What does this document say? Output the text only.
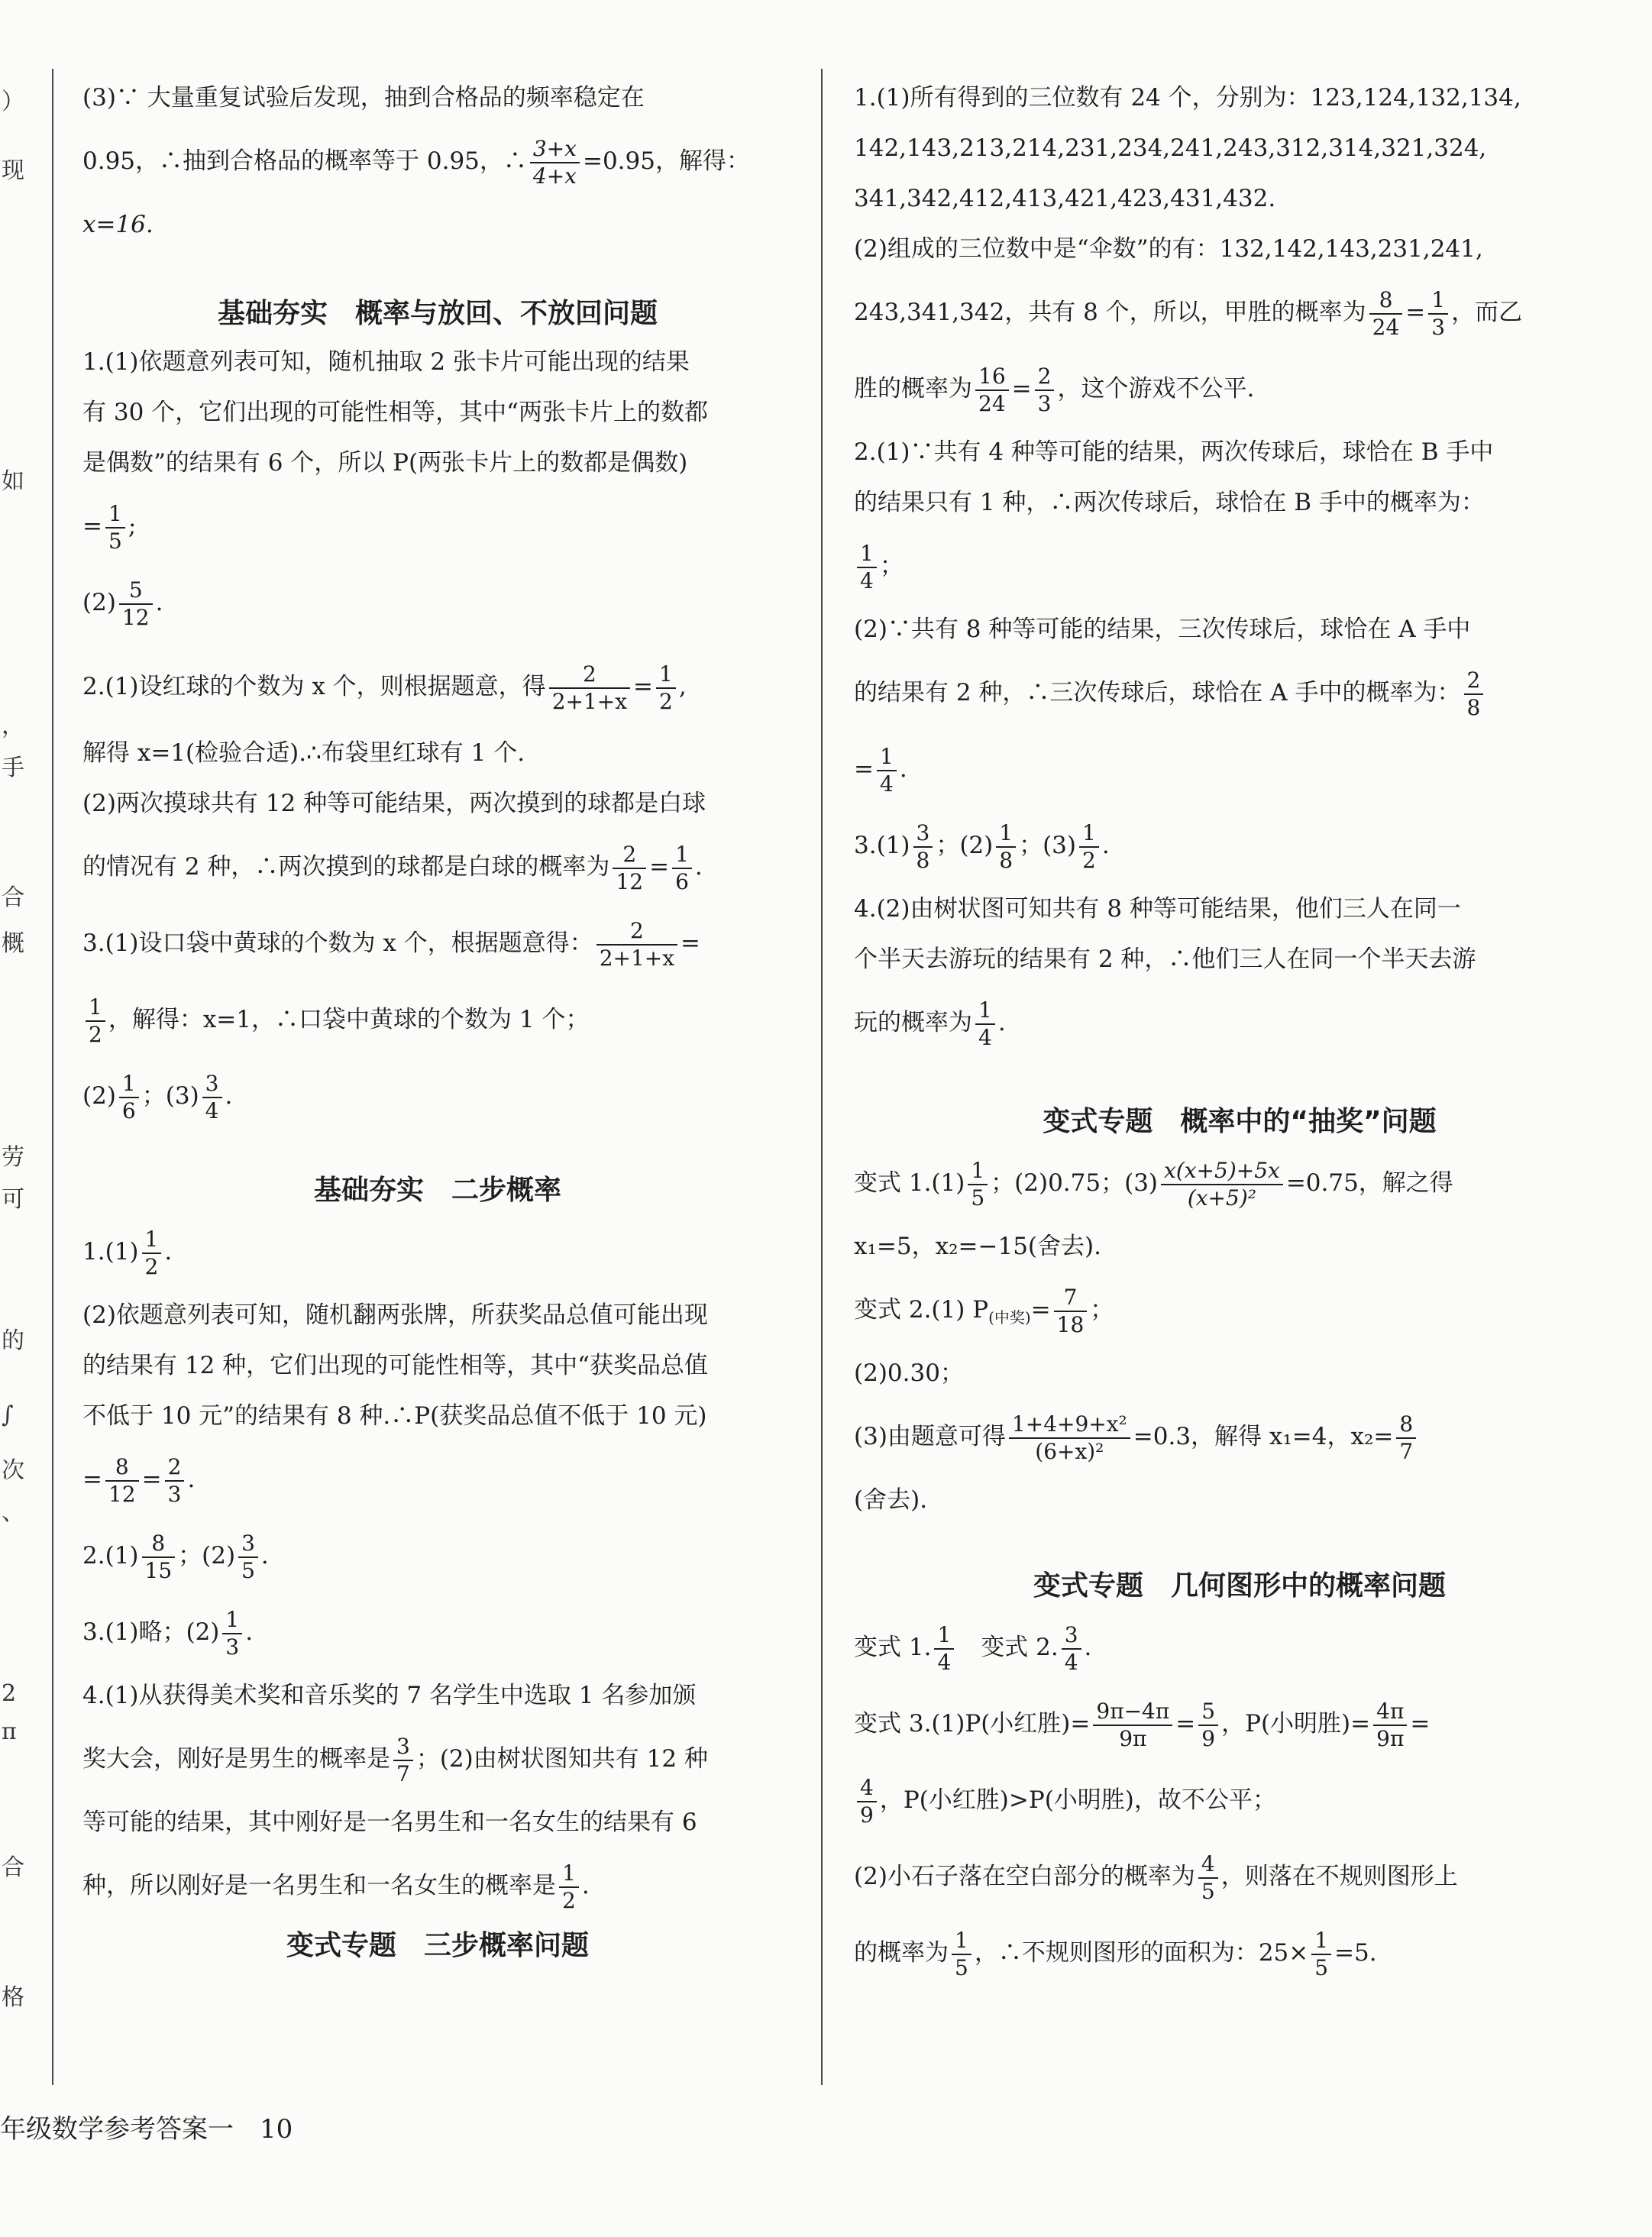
）
现
如
，
手
合
概
劳
可
的
∫
次
、
2
π
合
格

(3)∵ 大量重复试验后发现，抽到合格品的频率稳定在

0.95，∴抽到合格品的概率等于 0.95，∴ $\frac{3+x}{4+x} =0.95$，解得：

x=16.

基础夯实　概率与放回、不放回问题

1.(1)依题意列表可知，随机抽取 2 张卡片可能出现的结果

有 30 个，它们出现的可能性相等，其中“两张卡片上的数都

是偶数”的结果有 6 个，所以 P(两张卡片上的数都是偶数)

= $\frac{1}{5}$ ;

$(2) \frac{5}{12}$ .

2.(1)设红球的个数为 x 个，则根据题意，得 $\frac{2}{2+1+x} = \frac{1}{2}$ ,

解得 x=1(检验合适).∴布袋里红球有 1 个.

(2)两次摸球共有 12 种等可能结果，两次摸到的球都是白球

的情况有 2 种，∴两次摸到的球都是白球的概率为 $\frac{2}{12} = \frac{1}{6}$ .

3.(1)设口袋中黄球的个数为 x 个，根据题意得： $\frac{2}{2+1+x}$ =

$\frac{1}{2}$ ，解得：x=1，∴口袋中黄球的个数为 1 个；

$(2) \frac{1}{6}$ ；$(3) \frac{3}{4}$ .

基础夯实　二步概率

$1.(1) \frac{1}{2}$ .

(2)依题意列表可知，随机翻两张牌，所获奖品总值可能出现

的结果有 12 种，它们出现的可能性相等，其中“获奖品总值

不低于 10 元”的结果有 8 种.∴P(获奖品总值不低于 10 元)

= $\frac{8}{12} = \frac{2}{3}$ .

$2.(1) \frac{8}{15}$ ；$(2) \frac{3}{5}$ .

3.(1)略；$(2) \frac{1}{3}$ .

4.(1)从获得美术奖和音乐奖的 7 名学生中选取 1 名参加颁

奖大会，刚好是男生的概率是 $\frac{3}{7}$ ；(2)由树状图知共有 12 种

等可能的结果，其中刚好是一名男生和一名女生的结果有 6

种，所以刚好是一名男生和一名女生的概率是 $\frac{1}{2}$ .

变式专题　三步概率问题

1.(1)所有得到的三位数有 24 个，分别为：123,124,132,134,

142,143,213,214,231,234,241,243,312,314,321,324,

341,342,412,413,421,423,431,432.

(2)组成的三位数中是“伞数”的有：132,142,143,231,241,

243,341,342，共有 8 个，所以，甲胜的概率为 $\frac{8}{24} = \frac{1}{3}$ ，而乙

胜的概率为 $\frac{16}{24} = \frac{2}{3}$ ，这个游戏不公平.

2.(1)∵共有 4 种等可能的结果，两次传球后，球恰在 B 手中

的结果只有 1 种，∴两次传球后，球恰在 B 手中的概率为：

$\frac{1}{4}$ ；

(2)∵共有 8 种等可能的结果，三次传球后，球恰在 A 手中

的结果有 2 种，∴三次传球后，球恰在 A 手中的概率为： $\frac{2}{8}$

= $\frac{1}{4}$ .

$3.(1) \frac{3}{8}$ ；$(2) \frac{1}{8}$ ；$(3) \frac{1}{2}$ .

4.(2)由树状图可知共有 8 种等可能结果，他们三人在同一

个半天去游玩的结果有 2 种，∴他们三人在同一个半天去游

玩的概率为 $\frac{1}{4}$ .

变式专题　概率中的“抽奖”问题

变式 $1.(1) \frac{1}{5}$ ；(2)0.75；$(3) \frac{x(x+5)+5x}{\text{(x+5)²}} =0.75$，解之得

x₁=5，x₂=−15(舍去).

变式 2.(1) $P_{(中奖)}= \frac{7}{18}$ ；

(2)0.30；

(3)由题意可得 $\frac{\text{1+4+9+x²}}{\text{(6+x)²}} =0.3$，解得 x₁=4，$x_2= \frac{8}{7}$

(舍去).

变式专题　几何图形中的概率问题

变式 1. $\frac{1}{4}$ 　变式 2. $\frac{3}{4}$ .

变式 3.(1)P(小红胜)= $\frac{9\pi-4\pi}{9\pi} = \frac{5}{9}$ ，P(小明胜)= $\frac{4\pi}{9\pi}$ =

$\frac{4}{9}$ ，P(小红胜)>P(小明胜)，故不公平；

(2)小石子落在空白部分的概率为 $\frac{4}{5}$ ，则落在不规则图形上

的概率为 $\frac{1}{5}$ ，∴不规则图形的面积为：$25\times \frac{1}{5} =5$.

年级数学参考答案一　10
